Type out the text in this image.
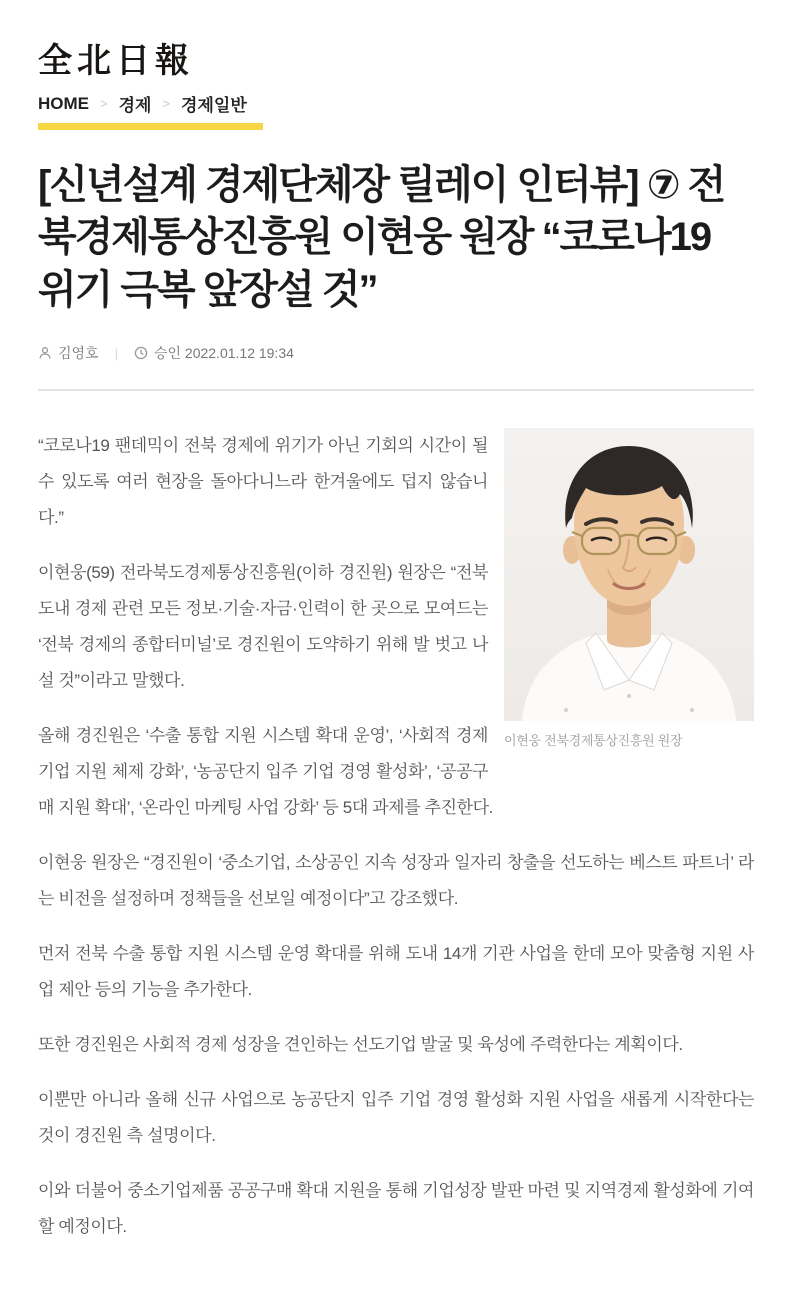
全北日報
HOME > 경제 > 경제일반
[신년설계 경제단체장 릴레이 인터뷰] ⑦ 전북경제통상진흥원 이현웅 원장 “코로나19 위기 극복 앞장설 것”
김영호 |	승인 2022.01.12 19:34
이현웅 전북경제통상진흥원 원장

“코로나19 팬데믹이 전북 경제에 위기가 아닌 기회의 시간이 될 수 있도록 여러 현장을 돌아다니느라 한겨울에도 덥지 않습니다.”

이현웅(59) 전라북도경제통상진흥원(이하 경진원) 원장은 “전북 도내 경제 관련 모든 정보·기술·자금·인력이 한 곳으로 모여드는 ‘전북 경제의 종합터미널’로 경진원이 도약하기 위해 발 벗고 나설 것”이라고 말했다.

올해 경진원은 ‘수출 통합 지원 시스템 확대 운영’, ‘사회적 경제 기업 지원 체제 강화’, ‘농공단지 입주 기업 경영 활성화’, ‘공공구매 지원 확대’, ‘온라인 마케팅 사업 강화’ 등 5대 과제를 추진한다.

이현웅 원장은 “경진원이 ‘중소기업, 소상공인 지속 성장과 일자리 창출을 선도하는 베스트 파트너’ 라는 비전을 설정하며 정책들을 선보일 예정이다”고 강조했다.

먼저 전북 수출 통합 지원 시스템 운영 확대를 위해 도내 14개 기관 사업을 한데 모아 맞춤형 지원 사업 제안 등의 기능을 추가한다.

또한 경진원은 사회적 경제 성장을 견인하는 선도기업 발굴 및 육성에 주력한다는 계획이다.

이뿐만 아니라 올해 신규 사업으로 농공단지 입주 기업 경영 활성화 지원 사업을 새롭게 시작한다는 것이 경진원 측 설명이다.

이와 더불어 중소기업제품 공공구매 확대 지원을 통해 기업성장 발판 마련 및 지역경제 활성화에 기여할 예정이다.
